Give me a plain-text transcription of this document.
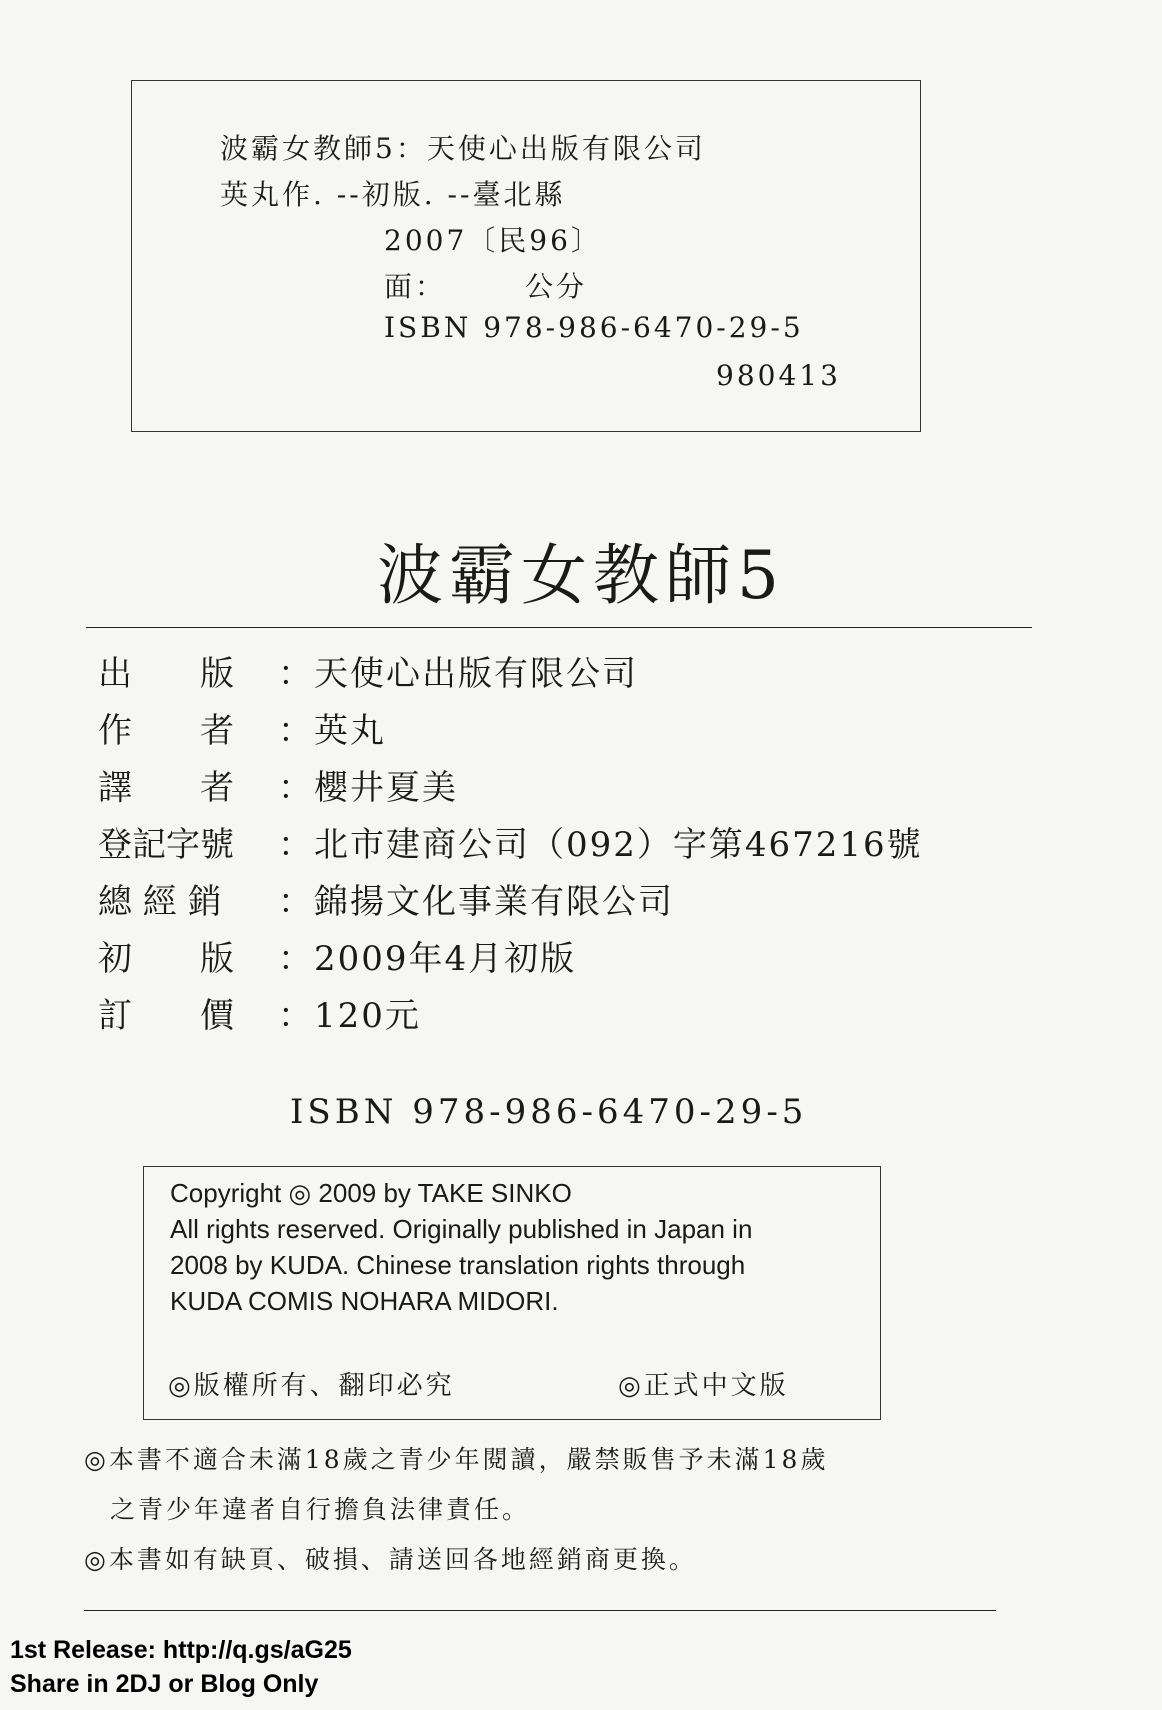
波霸女教師5：天使心出版有限公司
英丸作. --初版. --臺北縣
2007〔民96〕
面：　　　公分
ISBN 978-986-6470-29-5
980413
波霸女教師5
出　　版 ：天使心出版有限公司
作　　者 ：英丸
譯　　者 ：櫻井夏美
登記字號 ：北市建商公司（092）字第467216號
總 經 銷 ：錦揚文化事業有限公司
初　　版 ：2009年4月初版
訂　　價 ：120元
ISBN 978-986-6470-29-5
Copyright ◎ 2009 by TAKE SINKO
All rights reserved. Originally published in Japan in
2008 by KUDA. Chinese translation rights through
KUDA COMIS NOHARA MIDORI.
◎版權所有、翻印必究	◎正式中文版
◎本書不適合未滿18歲之青少年閱讀，嚴禁販售予未滿18歲
之青少年違者自行擔負法律責任。
◎本書如有缺頁、破損、請送回各地經銷商更換。
1st Release: http://q.gs/aG25
Share in 2DJ or Blog Only
